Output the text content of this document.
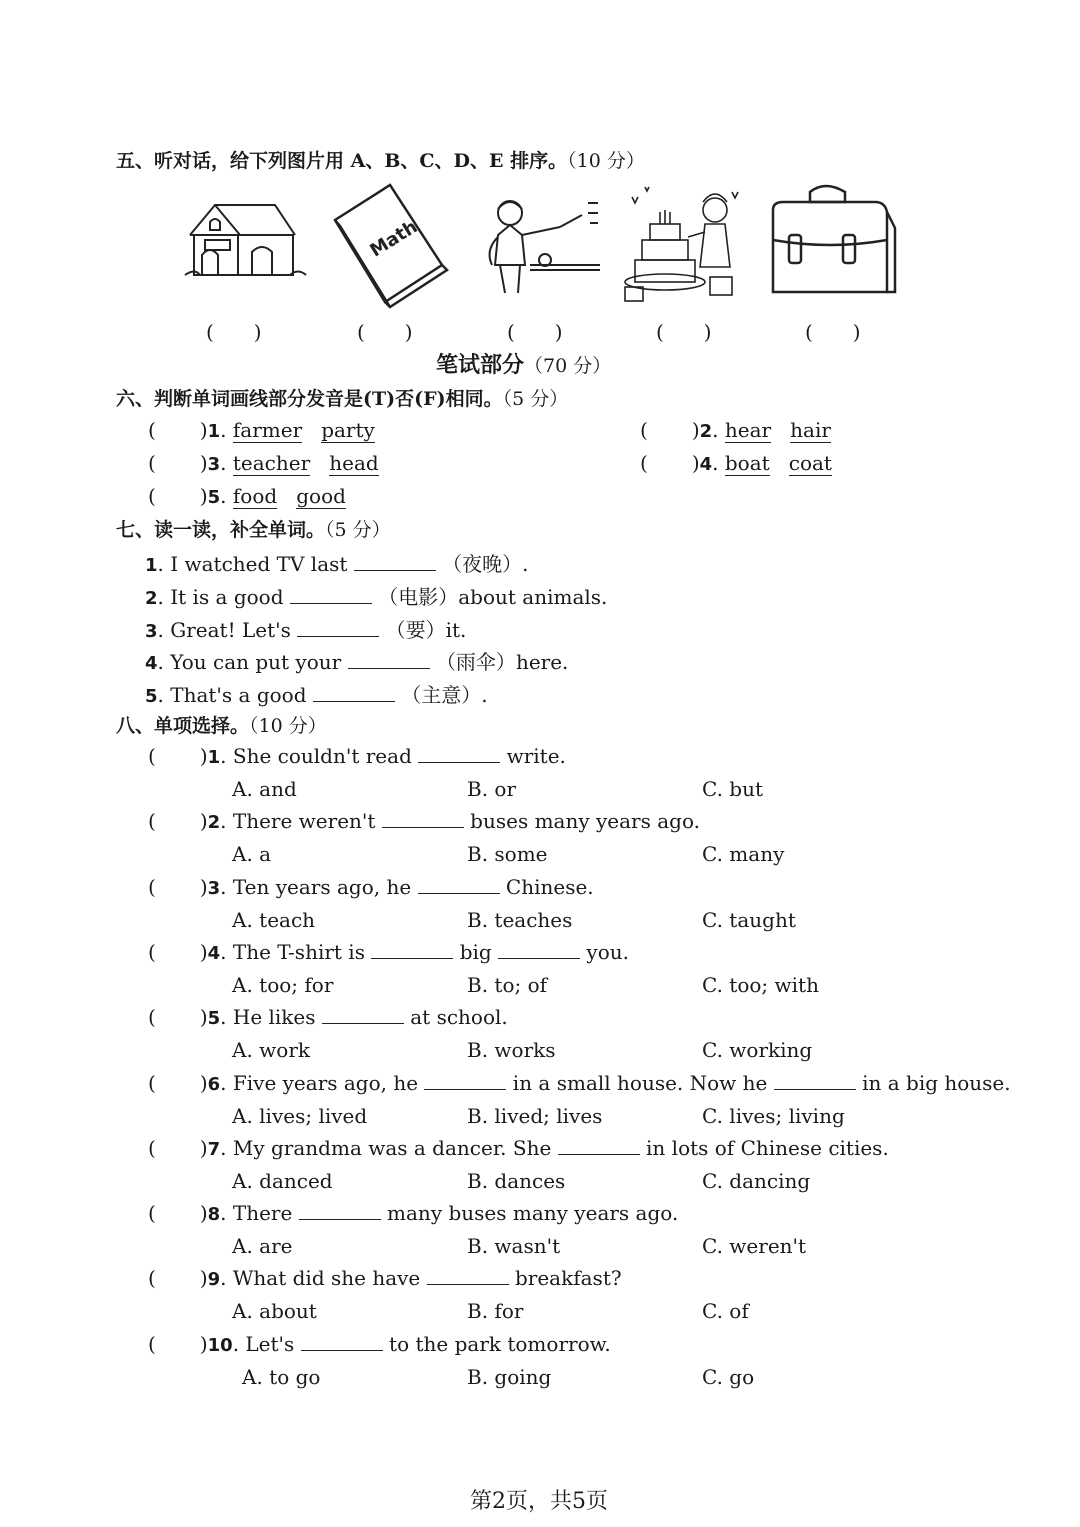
五、听对话，给下列图片用 A、B、C、D、E 排序。（10 分）
Math
(　　)	(　　)	(　　)	(　　)	(　　)
笔试部分（70 分）
六、判断单词画线部分发音是(T)否(F)相同。（5 分）
( )1. farmer party	( )2. hear hair
( )3. teacher head	( )4. boat coat
( )5. food good
七、读一读，补全单词。（5 分）
1. I watched TV last	（夜晚）.
2. It is a good	（电影）about animals.
3. Great! Let's	（要）it.
4. You can put your	（雨伞）here.
5. That's a good	（主意）.
八、单项选择。（10 分）
( )1. She couldn't read	write.
A. and	B. or	C. but
( )2. There weren't	buses many years ago.
A. a	B. some	C. many
( )3. Ten years ago, he	Chinese.
A. teach	B. teaches	C. taught
( )4. The T-shirt is	big	you.
A. too; for	B. to; of	C. too; with
( )5. He likes	at school.
A. work	B. works	C. working
( )6. Five years ago, he	in a small house. Now he	in a big house.
A. lives; lived	B. lived; lives	C. lives; living
( )7. My grandma was a dancer. She	in lots of Chinese cities.
A. danced	B. dances	C. dancing
( )8. There	many buses many years ago.
A. are	B. wasn't	C. weren't
( )9. What did she have	breakfast?
A. about	B. for	C. of
( )10. Let's	to the park tomorrow.
A. to go	B. going	C. go
第2页，共5页
